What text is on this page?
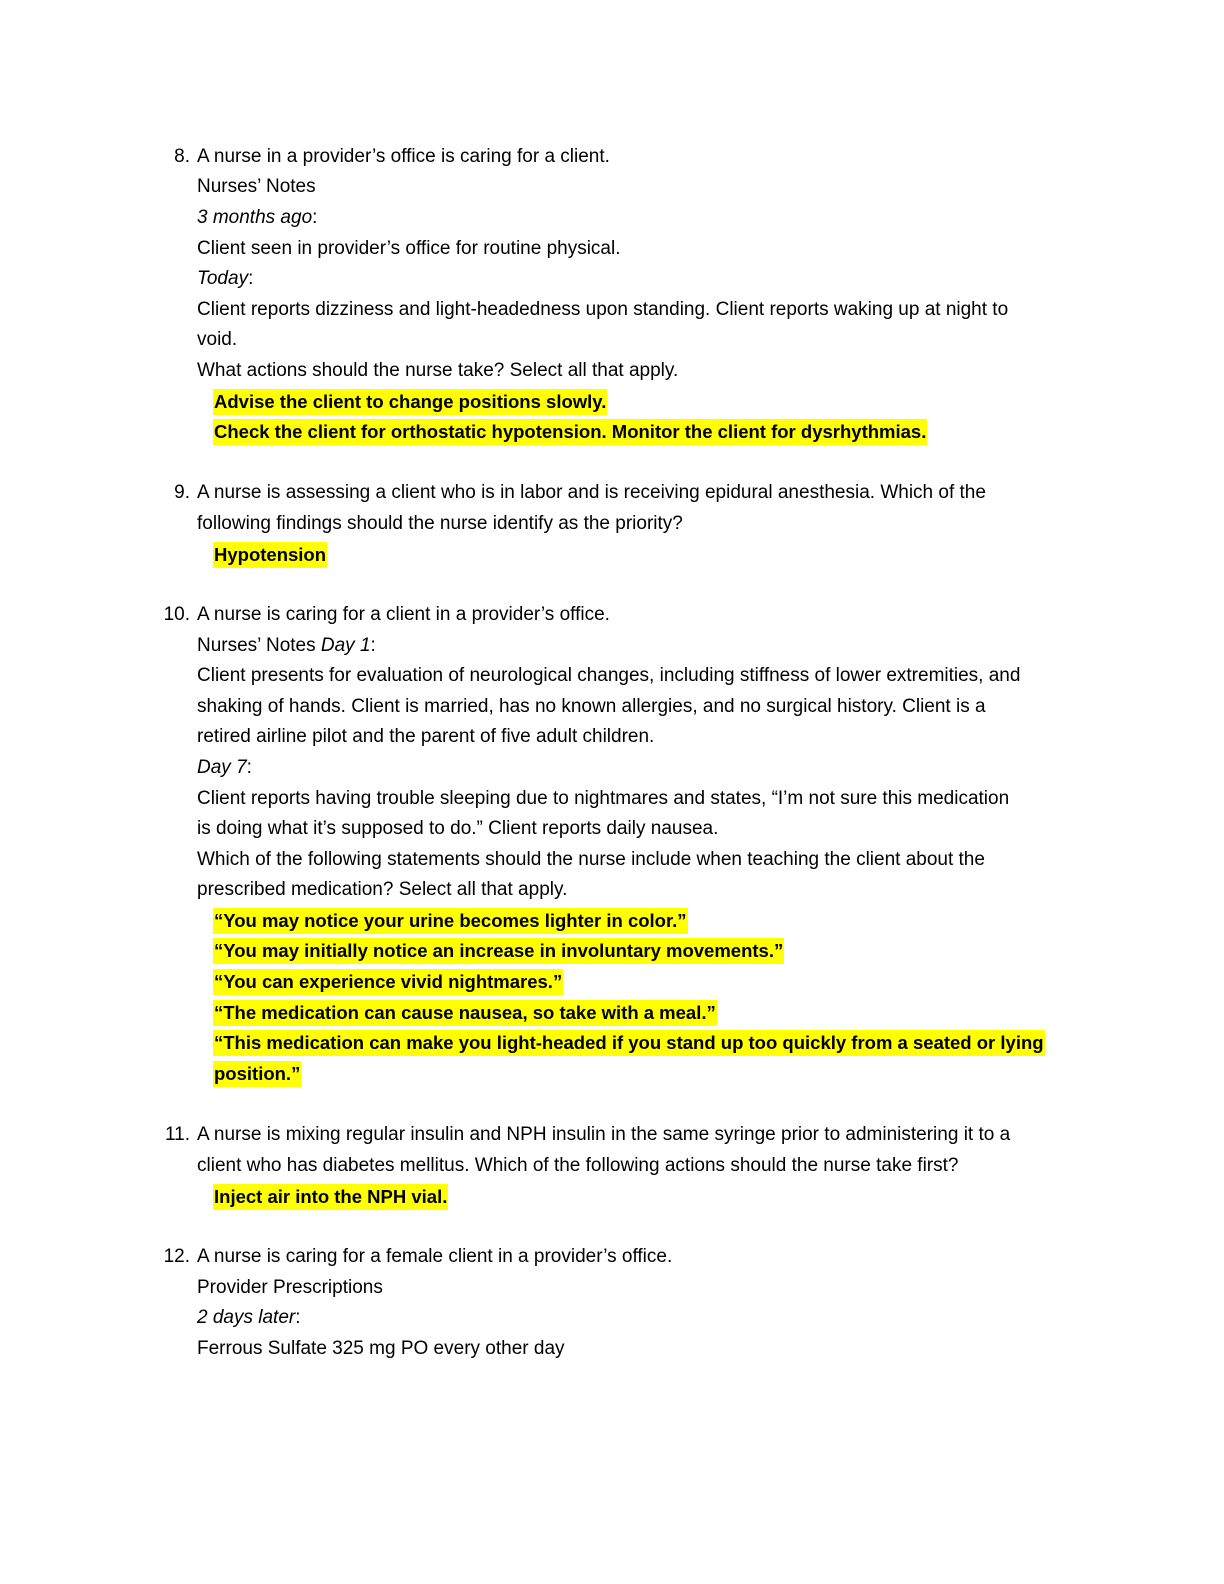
8. A nurse in a provider’s office is caring for a client.
Nurses’ Notes
3 months ago:
Client seen in provider’s office for routine physical.
Today:
Client reports dizziness and light-headedness upon standing. Client reports waking up at night to
void.
What actions should the nurse take? Select all that apply.
Advise the client to change positions slowly.
Check the client for orthostatic hypotension. Monitor the client for dysrhythmias.
9. A nurse is assessing a client who is in labor and is receiving epidural anesthesia. Which of the
following findings should the nurse identify as the priority?
Hypotension
10. A nurse is caring for a client in a provider’s office.
Nurses’ Notes Day 1:
Client presents for evaluation of neurological changes, including stiffness of lower extremities, and
shaking of hands. Client is married, has no known allergies, and no surgical history. Client is a
retired airline pilot and the parent of five adult children.
Day 7:
Client reports having trouble sleeping due to nightmares and states, “I’m not sure this medication
is doing what it’s supposed to do.” Client reports daily nausea.
Which of the following statements should the nurse include when teaching the client about the
prescribed medication? Select all that apply.
“You may notice your urine becomes lighter in color.”
“You may initially notice an increase in involuntary movements.”
“You can experience vivid nightmares.”
“The medication can cause nausea, so take with a meal.”
“This medication can make you light-headed if you stand up too quickly from a seated or lying
position.”
11. A nurse is mixing regular insulin and NPH insulin in the same syringe prior to administering it to a
client who has diabetes mellitus. Which of the following actions should the nurse take first?
Inject air into the NPH vial.
12. A nurse is caring for a female client in a provider’s office.
Provider Prescriptions
2 days later:
Ferrous Sulfate 325 mg PO every other day
